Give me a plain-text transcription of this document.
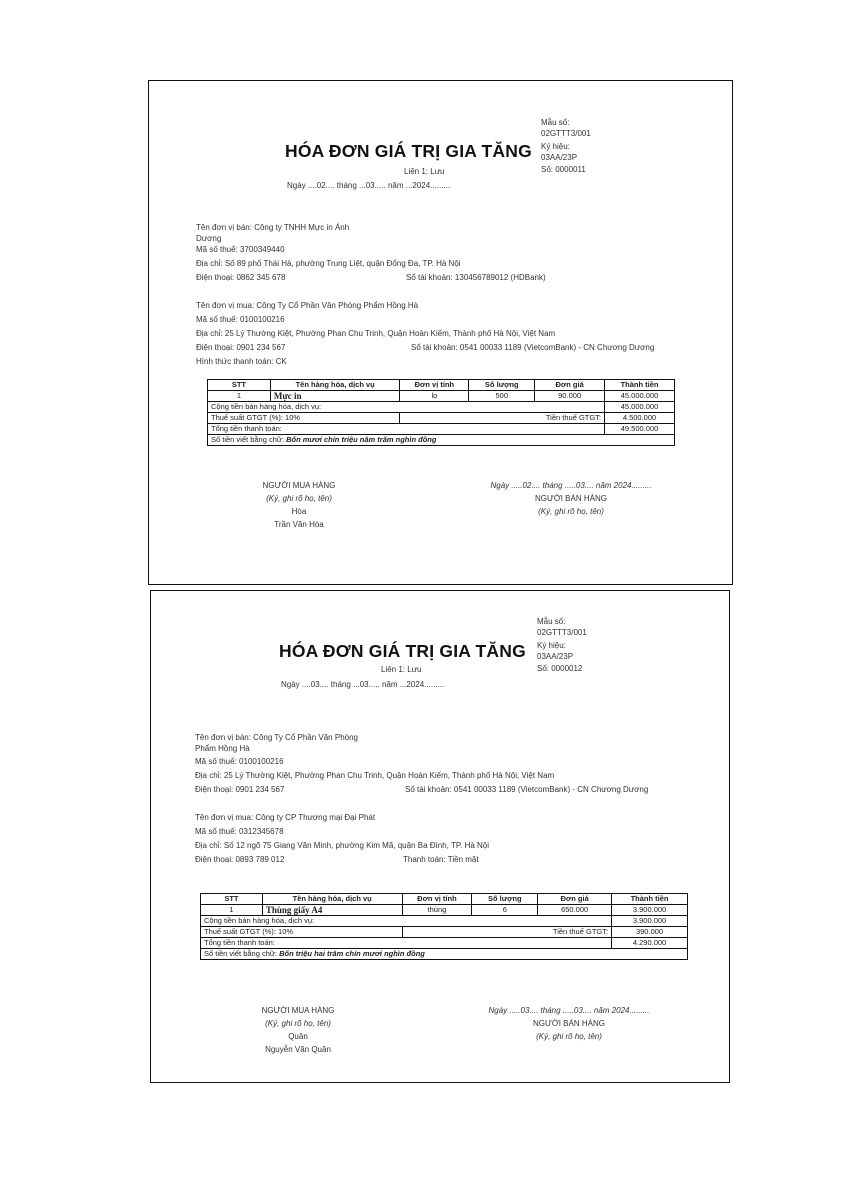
HÓA ĐƠN GIÁ TRỊ GIA TĂNG
Liên 1: Lưu
Ngày ....02.... tháng ...03..... năm ...2024.........
Mẫu số:
02GTTT3/001
Ký hiệu:
03AA/23P
Số: 0000011
Tên đơn vị bán: Công ty TNHH Mực in Ánh
Dương
Mã số thuế: 3700349440
Địa chỉ: Số 89 phố Thái Hà, phường Trung Liệt, quận Đống Đa, TP. Hà Nội
Điện thoại: 0862 345 678	Số tài khoản: 130456789012 (HDBank)
Tên đơn vị mua: Công Ty Cổ Phần Văn Phòng Phẩm Hồng Hà
Mã số thuế: 0100100216
Địa chỉ: 25 Lý Thường Kiệt, Phường Phan Chu Trinh, Quận Hoàn Kiếm, Thành phố Hà Nội, Việt Nam
Điện thoại: 0901 234 567	Số tài khoản: 0541 00033 1189 (VietcomBank) - CN Chương Dương
Hình thức thanh toán: CK
STT	Tên hàng hóa, dịch vụ	Đơn vị tính	Số lượng	Đơn giá	Thành tiền
1	Mực in	lọ	500	90.000	45.000.000
Cộng tiền bán hàng hóa, dịch vụ:					45.000.000
Thuế suất GTGT (%): 10%		Tiền thuế GTGT:			4.500.000
Tổng tiền thanh toán:					49.500.000
Số tiền viết bằng chữ: Bốn mươi chín triệu năm trăm nghìn đồng					
NGƯỜI MUA HÀNG
(Ký, ghi rõ họ, tên)
Hòa
Trần Văn Hòa
Ngày .....02.... tháng .....03.... năm 2024.........
NGƯỜI BÁN HÀNG
(Ký, ghi rõ họ, tên)
HÓA ĐƠN GIÁ TRỊ GIA TĂNG
Liên 1: Lưu
Ngày ....03.... tháng ...03..... năm ...2024.........
Mẫu số:
02GTTT3/001
Ký hiệu:
03AA/23P
Số: 0000012
Tên đơn vị bán: Công Ty Cổ Phần Văn Phòng
Phẩm Hồng Hà
Mã số thuế: 0100100216
Địa chỉ: 25 Lý Thường Kiệt, Phường Phan Chu Trinh, Quận Hoàn Kiếm, Thành phố Hà Nội, Việt Nam
Điện thoại: 0901 234 567	Số tài khoản: 0541 00033 1189 (VietcomBank) - CN Chương Dương
Tên đơn vị mua: Công ty CP Thương mại Đại Phát
Mã số thuế: 0312345678
Địa chỉ: Số 12 ngõ 75 Giang Văn Minh, phường Kim Mã, quận Ba Đình, TP. Hà Nội
Điện thoại: 0893 789 012	Thanh toán: Tiền mặt
STT	Tên hàng hóa, dịch vụ	Đơn vị tính	Số lượng	Đơn giá	Thành tiền
1	Thùng giấy A4	thùng	6	650.000	3.900.000
Cộng tiền bán hàng hóa, dịch vụ:					3.900.000
Thuế suất GTGT (%): 10%		Tiền thuế GTGT:			390.000
Tổng tiền thanh toán:					4.290.000
Số tiền viết bằng chữ: Bốn triệu hai trăm chín mươi nghìn đồng					
NGƯỜI MUA HÀNG
(Ký, ghi rõ họ, tên)
Quân
Nguyễn Văn Quân
Ngày .....03.... tháng .....03.... năm 2024.........
NGƯỜI BÁN HÀNG
(Ký, ghi rõ họ, tên)
